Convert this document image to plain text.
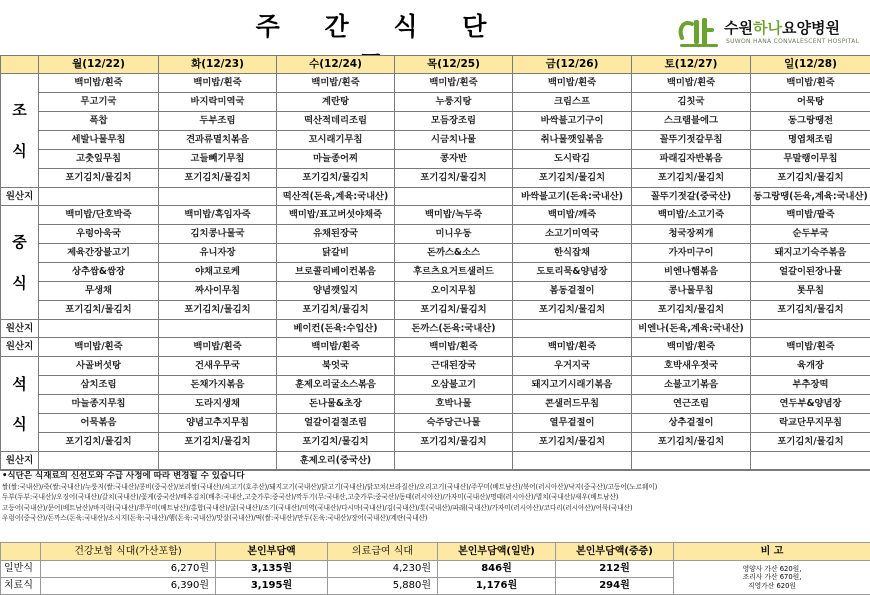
주 간 식 단	수원하나요양병원
SUWON HANA CONVALESCENT HOSPITAL
	월(12/22)	화(12/23)	수(12/24)	목(12/25)	금(12/26)	토(12/27)	일(12/28)
조

식	백미밥/흰죽	백미밥/흰죽	백미밥/흰죽	백미밥/흰죽	백미밥/흰죽	백미밥/흰죽	백미밥/흰죽
	무고기국	바지락미역국	계란탕	누룽지탕	크림스프	김칫국	어묵탕
	폭찹	두부조림	떡산적데리조림	모듬장조림	바싹불고기구이	스크램블에그	동그랑땡전
	세발나물무침	견과류멸치볶음	꼬시래기무침	시금치나물	취나물깻잎볶음	꼴뚜기젓갈무침	명엽채조림
	고춧잎무침	고들빼기무침	마늘종어찌	콩자반	도시락김	파래김자반볶음	무말랭이무침
	포기김치/물김치	포기김치/물김치	포기김치/물김치	포기김치/물김치	포기김치/물김치	포기김치/물김치	포기김치/물김치
원산지			떡산적(돈육,계육:국내산)		바싹불고기(돈육:국내산)	꼴뚜기젓갈(중국산)	동그랑땡(돈육,계육:국내산)
중

식	백미밥/단호박죽	백미밥/흑임자죽	백미밥/표고버섯야채죽	백미밥/녹두죽	백미밥/깨죽	백미밥/소고기죽	백미밥/팥죽
	우렁아욱국	김치콩나물국	유채된장국	미니우동	소고기미역국	청국장찌개	순두부국
	제육간장불고기	유니자장	닭갈비	돈까스&소스	한식잡채	가자미구이	돼지고기숙주볶음
	상추쌈&쌈장	야채고로케	브로콜리베이컨볶음	후르츠요거트샐러드	도토리묵&양념장	비엔나햄볶음	얼갈이된장나물
	무생채	짜사이무침	양념깻잎지	오이지무침	봄동겉절이	콩나물무침	톳무침
	포기김치/물김치	포기김치/물김치	포기김치/물김치	포기김치/물김치	포기김치/물김치	포기김치/물김치	포기김치/물김치
원산지			베이컨(돈육:수입산)	돈까스(돈육:국내산)		비엔나(돈육,계육:국내산)	
원산지	백미밥/흰죽	백미밥/흰죽	백미밥/흰죽	백미밥/흰죽	백미밥/흰죽	백미밥/흰죽	백미밥/흰죽
석

식	사골버섯탕	건새우무국	북엇국	근대된장국	우거지국	호박새우젓국	육개장
	삼치조림	돈채가지볶음	훈제오리굴소스볶음	오삼불고기	돼지고기시래기볶음	소불고기볶음	부추장떡
	마늘종지무침	도라지생채	돈나물&초장	호박나물	콘샐러드무침	연근조림	연두부&양념장
	어묵볶음	양념고추지무침	얼갈이겉절조림	숙주당근나물	열무겉절이	상추겉절이	락교단무지무침
	포기김치/물김치	포기김치/물김치	포기김치/물김치	포기김치/물김치	포기김치/물김치	포기김치/물김치	포기김치/물김치
원산지			훈제오리(중국산)				
•식단은 식재료의 신선도와 수급 사정에 따라 변경될 수 있습니다
쌀(쌀:국내산)/죽(쌀:국내산)/누룽지(쌀:국내산)/콩비(중국산)/보리쌀(국내산)/쇠고기(호주산)/돼지고기(국내산)/닭고기(국내산)/닭꼬치(브라질산)/오리고기(국내산)/주꾸미(베트남산)/북어(러시아산)/낙지(중국산)/고등어(노르웨이)
두부(두부:국내산)/오징어(국내산)/갈치(국내산)/꽃게(중국산)/배추김치(배추:국내산,고춧가루:중국산)/깍두기(무:국내산,고춧가루:중국산)/동태(러시아산)/가자미(국내산)/명태(러시아산)/멸치(국내산)/새우(베트남산)
고등어(국내산)/문어(베트남산)/바지락(국내산)/쭈꾸미(베트남산)/홍합(국내산)/굴(국내산)/조기(국내산)/미역(국내산)/다시마(국내산)/김(국내산)/톳(국내산)/파래(국내산)/가자미(러시아산)/코다리(러시아산)/어묵(국내산)
우렁이(중국산)/돈까스(돈육:국내산)/소시지(돈육:국내산)/햄(돈육:국내산)/맛살(국내산)/떡(쌀:국내산)/만두(돈육:국내산)/장어(국내산)/계란(국내산)
	건강보험 식대(가산포함)	본인부담액	의료급여 식대	본인부담액(일반)	본인부담액(중증)	비 고
일반식	6,270원	3,135원	4,230원	846원	212원	영양사 가산 620원,
조리사 가산 670원,
직영가산 620원

치료식	6,390원	3,195원	5,880원	1,176원	294원	
